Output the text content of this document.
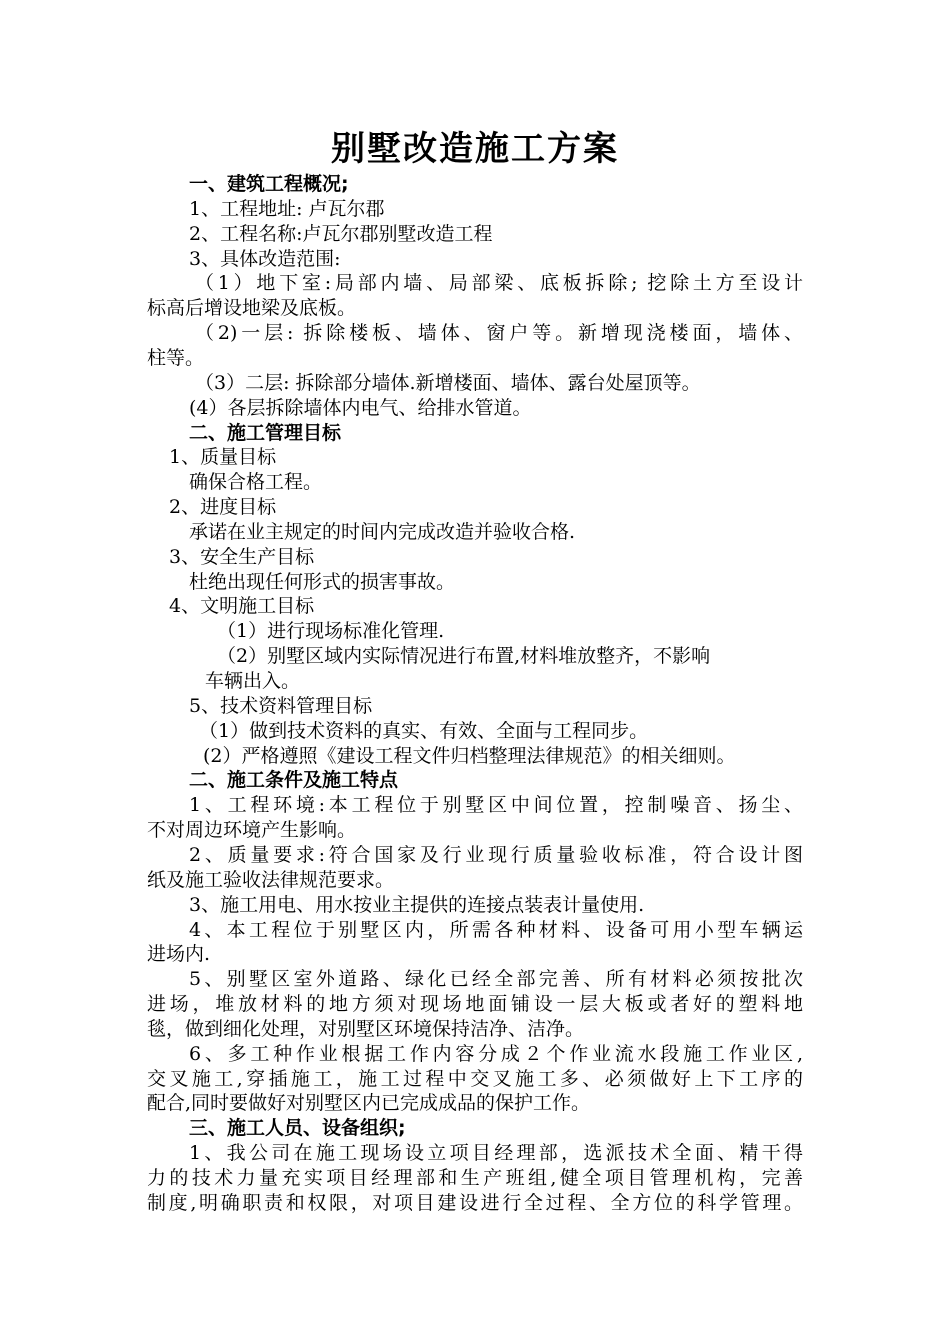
别墅改造施工方案
一、建筑工程概况;
1、工程地址: 卢瓦尔郡
2、工程名称:卢瓦尔郡别墅改造工程
3、具体改造范围:
（1）地下室:局部内墙、局部梁、底板拆除; 挖除土方至设计
标高后增设地梁及底板。
（2)一层: 拆除楼板、墙体、窗户等。新增现浇楼面，墙体、
柱等。
（3）二层: 拆除部分墙体.新增楼面、墙体、露台处屋顶等。
(4）各层拆除墙体内电气、给排水管道。
二、施工管理目标
1、质量目标
确保合格工程。
2、进度目标
承诺在业主规定的时间内完成改造并验收合格.
3、安全生产目标
杜绝出现任何形式的损害事故。
4、文明施工目标
（1）进行现场标准化管理.
（2）别墅区域内实际情况进行布置,材料堆放整齐，不影响
车辆出入。
5、技术资料管理目标
（1）做到技术资料的真实、有效、全面与工程同步。
(2）严格遵照《建设工程文件归档整理法律规范》的相关细则。
二、施工条件及施工特点
1、工程环境:本工程位于别墅区中间位置，控制噪音、扬尘、
不对周边环境产生影响。
2、质量要求:符合国家及行业现行质量验收标准，符合设计图
纸及施工验收法律规范要求。
3、施工用电、用水按业主提供的连接点装表计量使用.
4、本工程位于别墅区内，所需各种材料、设备可用小型车辆运
进场内.
5、别墅区室外道路、绿化已经全部完善、所有材料必须按批次
进场，堆放材料的地方须对现场地面铺设一层大板或者好的塑料地
毯，做到细化处理，对别墅区环境保持洁净、洁净。
6、多工种作业根据工作内容分成２个作业流水段施工作业区,
交叉施工,穿插施工，施工过程中交叉施工多、必须做好上下工序的
配合,同时要做好对别墅区内已完成成品的保护工作。
三、施工人员、设备组织;
1、我公司在施工现场设立项目经理部，选派技术全面、精干得
力的技术力量充实项目经理部和生产班组,健全项目管理机构，完善
制度,明确职责和权限，对项目建设进行全过程、全方位的科学管理。
